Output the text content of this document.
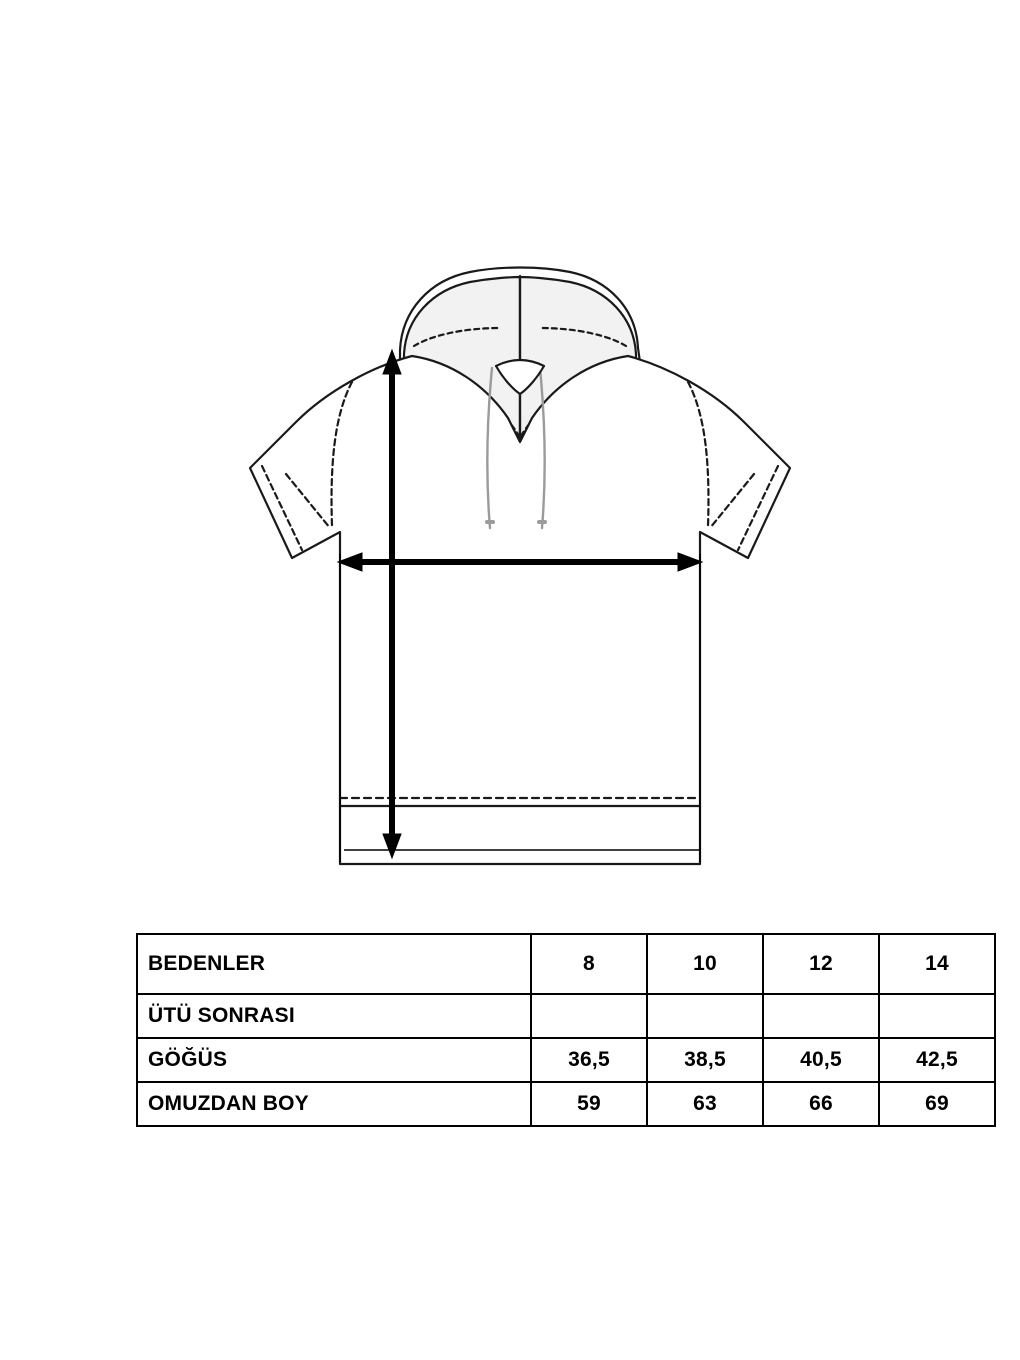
BEDENLER	8	10	12	14
ÜTÜ SONRASI				
GÖĞÜS	36,5	38,5	40,5	42,5
OMUZDAN BOY	59	63	66	69
